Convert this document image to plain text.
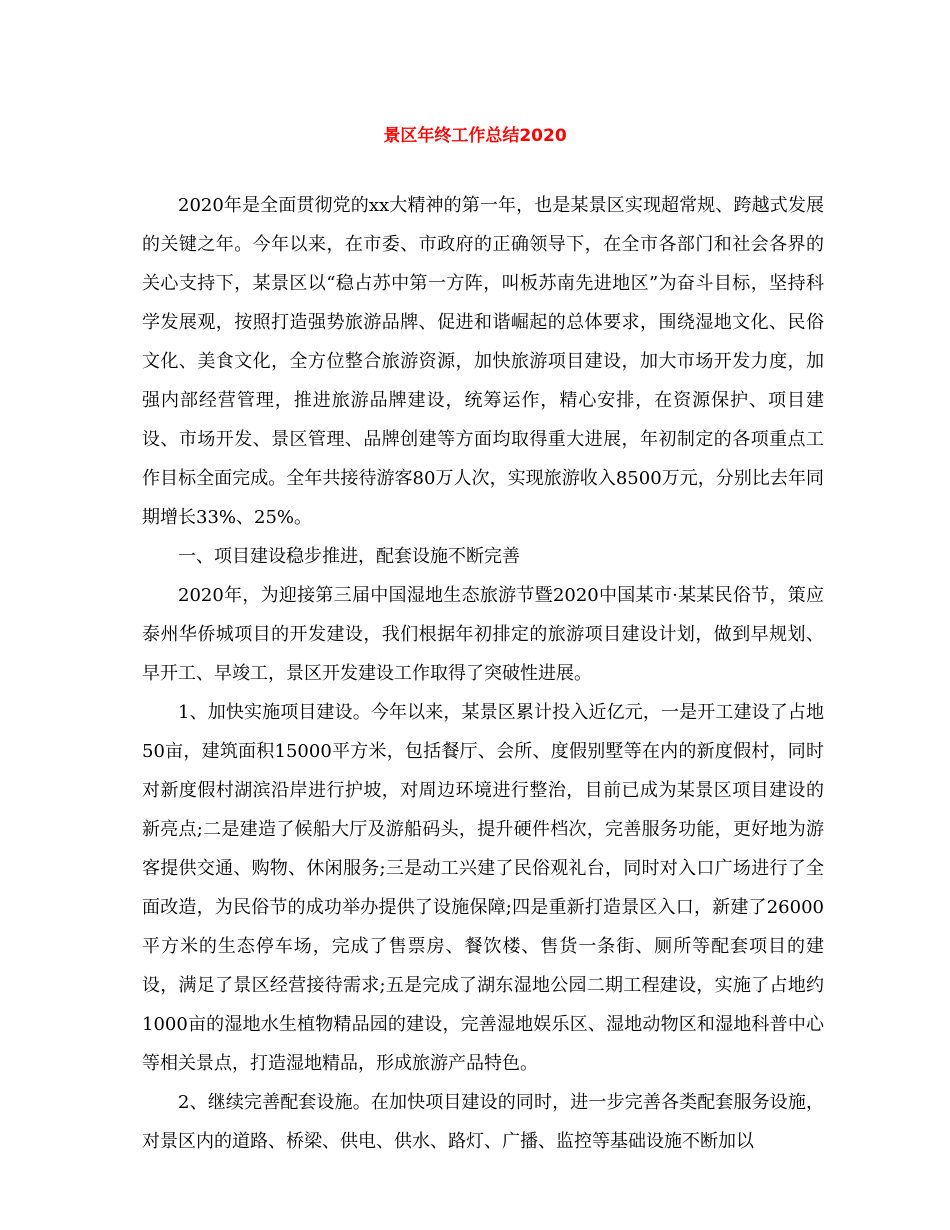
景区年终工作总结2020

2020年是全面贯彻党的xx大精神的第一年，也是某景区实现超常规、跨越式发展的关键之年。今年以来，在市委、市政府的正确领导下，在全市各部门和社会各界的关心支持下，某景区以“稳占苏中第一方阵，叫板苏南先进地区”为奋斗目标，坚持科学发展观，按照打造强势旅游品牌、促进和谐崛起的总体要求，围绕湿地文化、民俗文化、美食文化，全方位整合旅游资源，加快旅游项目建设，加大市场开发力度，加强内部经营管理，推进旅游品牌建设，统筹运作，精心安排，在资源保护、项目建设、市场开发、景区管理、品牌创建等方面均取得重大进展，年初制定的各项重点工作目标全面完成。全年共接待游客80万人次，实现旅游收入8500万元，分别比去年同期增长33%、25%。

一、项目建设稳步推进，配套设施不断完善

2020年，为迎接第三届中国湿地生态旅游节暨2020中国某市·某某民俗节，策应泰州华侨城项目的开发建设，我们根据年初排定的旅游项目建设计划，做到早规划、早开工、早竣工，景区开发建设工作取得了突破性进展。

1、加快实施项目建设。今年以来，某景区累计投入近亿元，一是开工建设了占地50亩，建筑面积15000平方米，包括餐厅、会所、度假别墅等在内的新度假村，同时对新度假村湖滨沿岸进行护坡，对周边环境进行整治，目前已成为某景区项目建设的新亮点;二是建造了候船大厅及游船码头，提升硬件档次，完善服务功能，更好地为游客提供交通、购物、休闲服务;三是动工兴建了民俗观礼台，同时对入口广场进行了全面改造，为民俗节的成功举办提供了设施保障;四是重新打造景区入口，新建了26000平方米的生态停车场，完成了售票房、餐饮楼、售货一条街、厕所等配套项目的建设，满足了景区经营接待需求;五是完成了湖东湿地公园二期工程建设，实施了占地约1000亩的湿地水生植物精品园的建设，完善湿地娱乐区、湿地动物区和湿地科普中心等相关景点，打造湿地精品，形成旅游产品特色。

2、继续完善配套设施。在加快项目建设的同时，进一步完善各类配套服务设施，对景区内的道路、桥梁、供电、供水、路灯、广播、监控等基础设施不断加以
